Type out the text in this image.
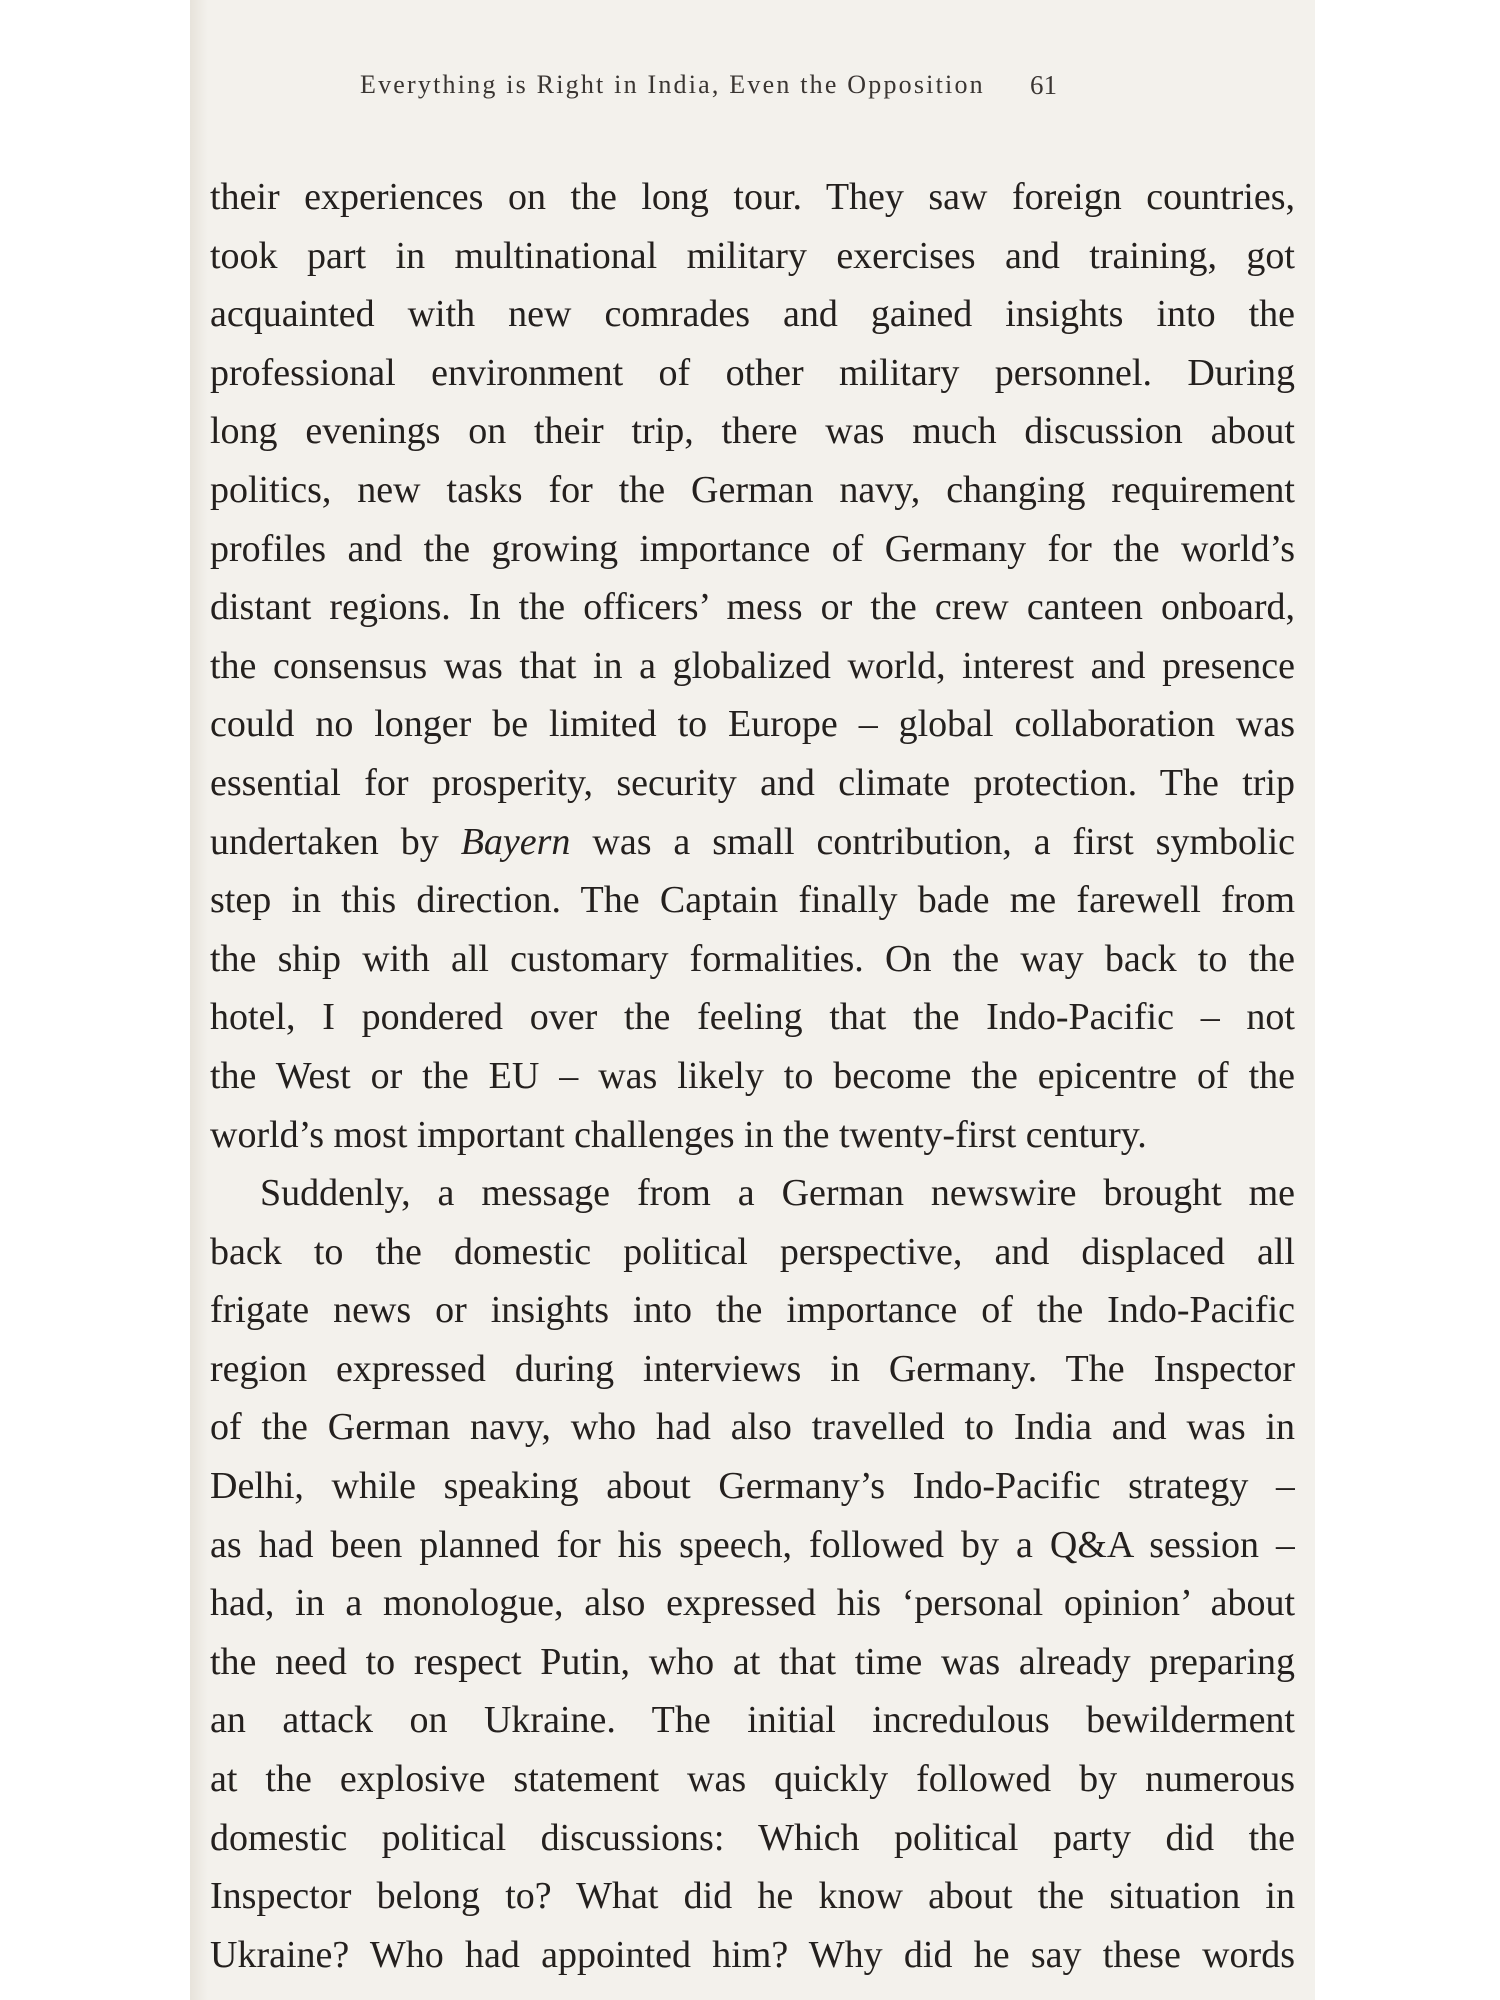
Everything is Right in India, Even the Opposition 61
their experiences on the long tour. They saw foreign countries,
took part in multinational military exercises and training, got
acquainted with new comrades and gained insights into the
professional environment of other military personnel. During
long evenings on their trip, there was much discussion about
politics, new tasks for the German navy, changing requirement
profiles and the growing importance of Germany for the world’s
distant regions. In the officers’ mess or the crew canteen onboard,
the consensus was that in a globalized world, interest and presence
could no longer be limited to Europe – global collaboration was
essential for prosperity, security and climate protection. The trip
undertaken by Bayern was a small contribution, a first symbolic
step in this direction. The Captain finally bade me farewell from
the ship with all customary formalities. On the way back to the
hotel, I pondered over the feeling that the Indo-Pacific – not
the West or the EU – was likely to become the epicentre of the
world’s most important challenges in the twenty-first century.
Suddenly, a message from a German newswire brought me
back to the domestic political perspective, and displaced all
frigate news or insights into the importance of the Indo-Pacific
region expressed during interviews in Germany. The Inspector
of the German navy, who had also travelled to India and was in
Delhi, while speaking about Germany’s Indo-Pacific strategy –
as had been planned for his speech, followed by a Q&A session –
had, in a monologue, also expressed his ‘personal opinion’ about
the need to respect Putin, who at that time was already preparing
an attack on Ukraine. The initial incredulous bewilderment
at the explosive statement was quickly followed by numerous
domestic political discussions: Which political party did the
Inspector belong to? What did he know about the situation in
Ukraine? Who had appointed him? Why did he say these words
